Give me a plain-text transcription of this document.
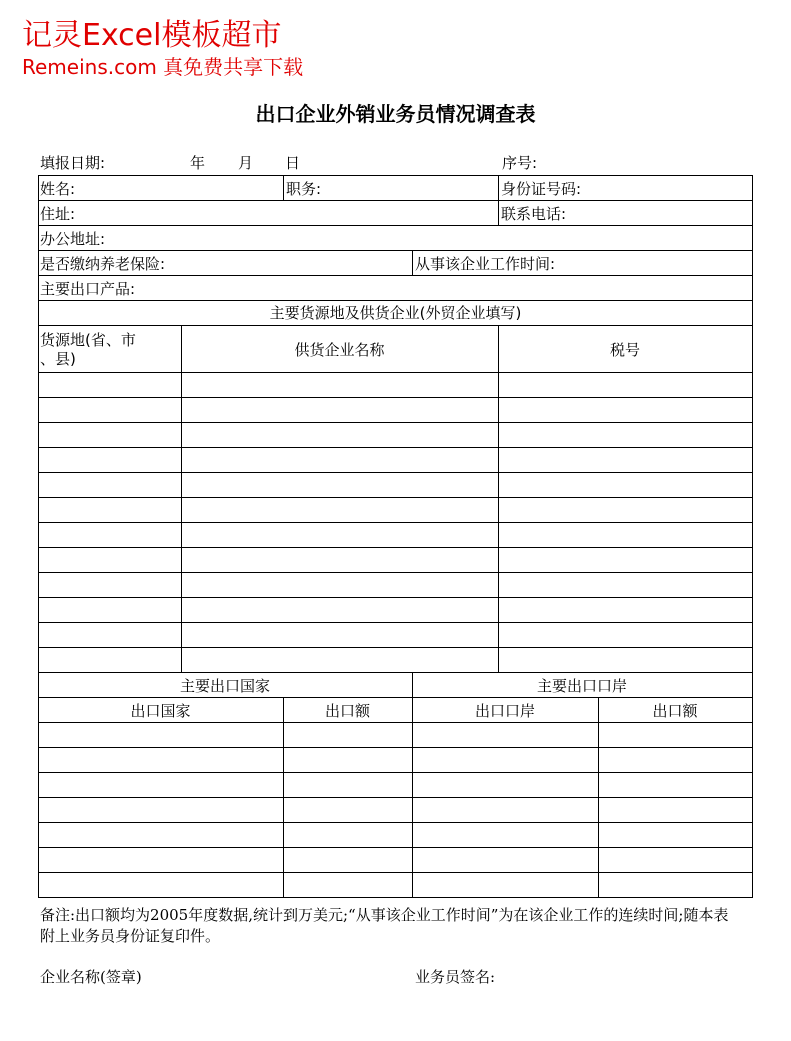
记灵Excel模板超市
Remeins.com 真免费共享下载
出口企业外销业务员情况调查表
填报日期:	年 月 日	序号:
姓名:	职务:	身份证号码:
住址:	联系电话:
办公地址:
是否缴纳养老保险:	从事该企业工作时间:
主要出口产品:
主要货源地及供货企业(外贸企业填写)
货源地(省、市
、县)	供货企业名称	税号
主要出口国家	主要出口口岸
出口国家	出口额	出口口岸	出口额
备注:出口额均为2005年度数据,统计到万美元;“从事该企业工作时间”为在该企业工作的连续时间;随本表附上业务员身份证复印件。
企业名称(签章)	业务员签名:
